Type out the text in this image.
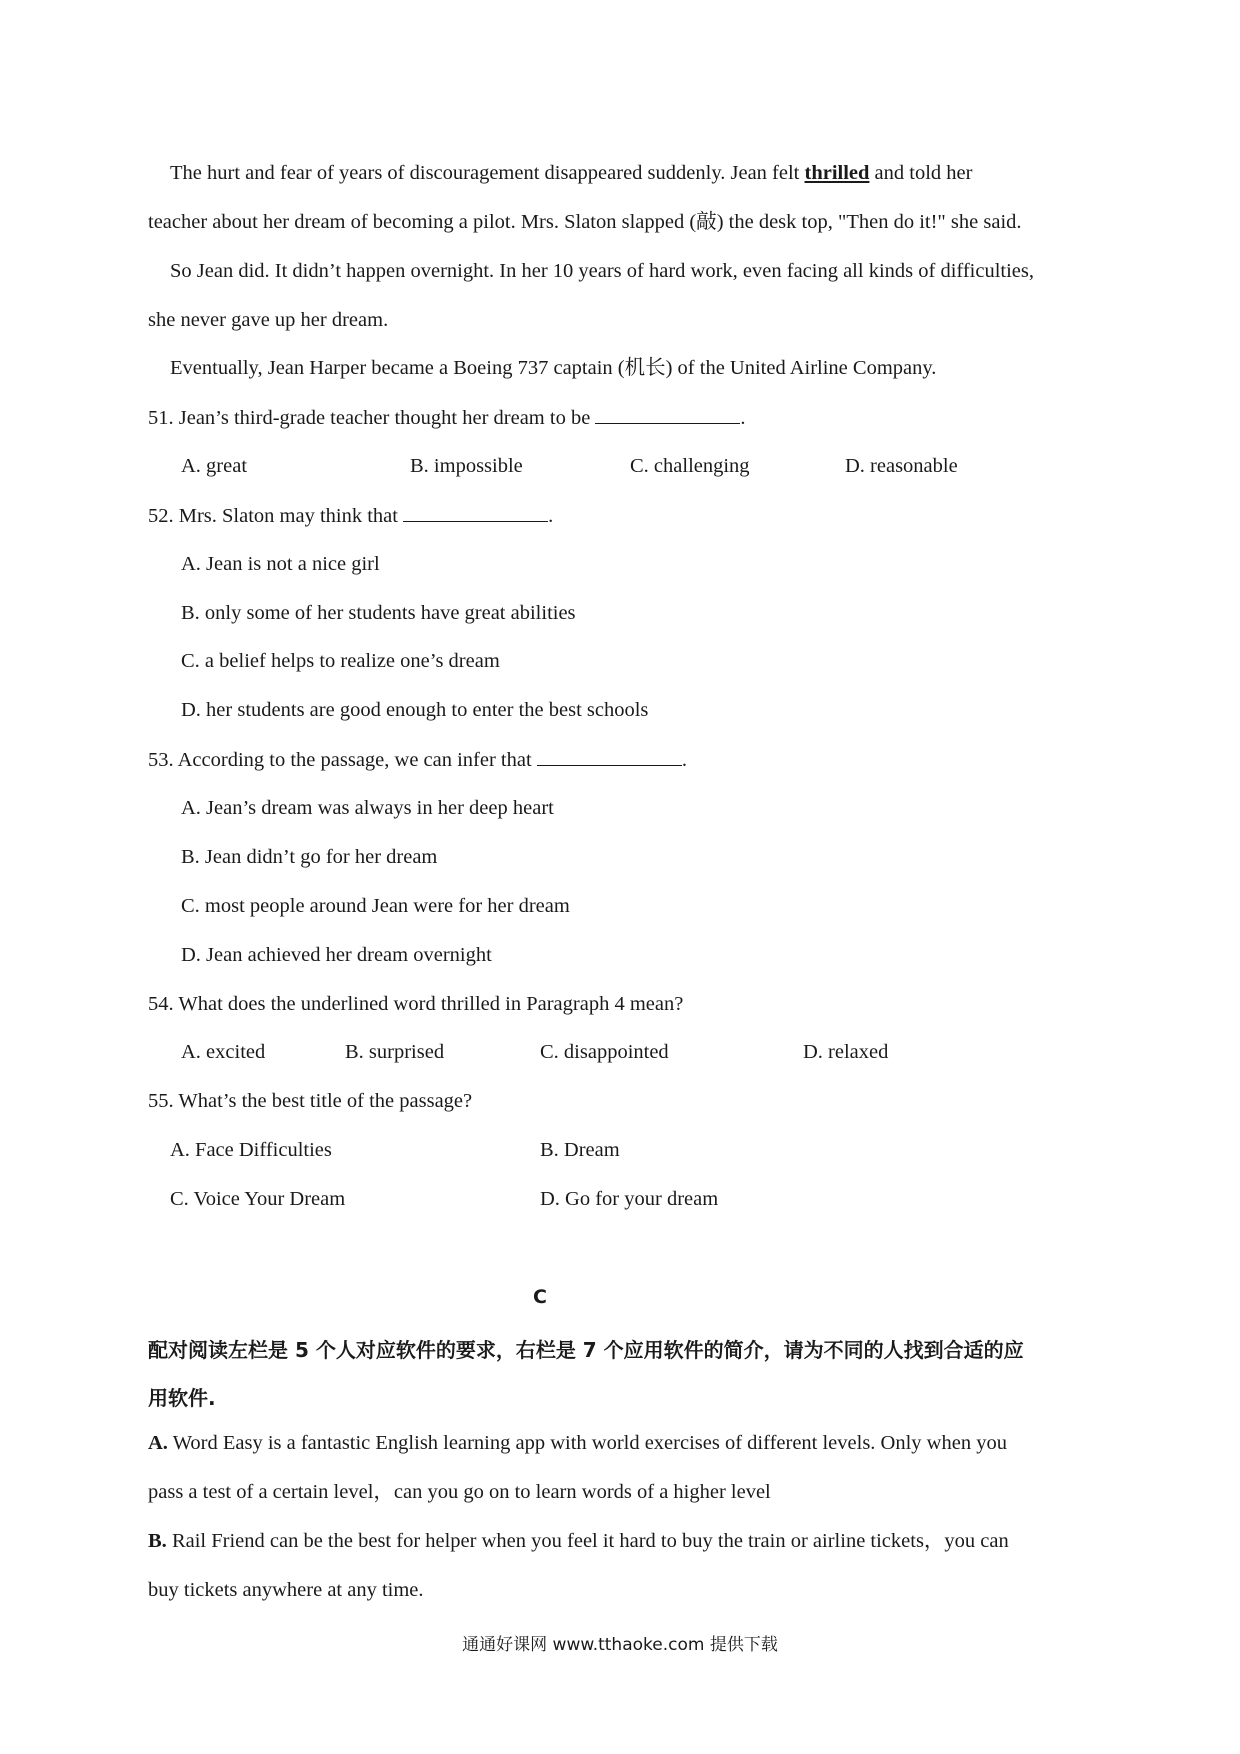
The hurt and fear of years of discouragement disappeared suddenly. Jean felt thrilled and told her
teacher about her dream of becoming a pilot. Mrs. Slaton slapped (敲) the desk top, "Then do it!" she said.
So Jean did. It didn’t happen overnight. In her 10 years of hard work, even facing all kinds of difficulties,
she never gave up her dream.
Eventually, Jean Harper became a Boeing 737 captain (机长) of the United Airline Company.
51. Jean’s third-grade teacher thought her dream to be	.
A. great	B. impossible	C. challenging	D. reasonable
52. Mrs. Slaton may think that	.
A. Jean is not a nice girl
B. only some of her students have great abilities
C. a belief helps to realize one’s dream
D. her students are good enough to enter the best schools
53. According to the passage, we can infer that	.
A. Jean’s dream was always in her deep heart
B. Jean didn’t go for her dream
C. most people around Jean were for her dream
D. Jean achieved her dream overnight
54. What does the underlined word thrilled in Paragraph 4 mean?
A. excited	B. surprised	C. disappointed	D. relaxed
55. What’s the best title of the passage?
A. Face Difficulties	B. Dream
C. Voice Your Dream	D. Go for your dream
C
配对阅读左栏是 5 个人对应软件的要求，右栏是 7 个应用软件的简介，请为不同的人找到合适的应
用软件.
A. Word Easy is a fantastic English learning app with world exercises of different levels. Only when you
pass a test of a certain level，can you go on to learn words of a higher level
B. Rail Friend can be the best for helper when you feel it hard to buy the train or airline tickets，you can
buy tickets anywhere at any time.
通通好课网 www.tthaoke.com 提供下载
